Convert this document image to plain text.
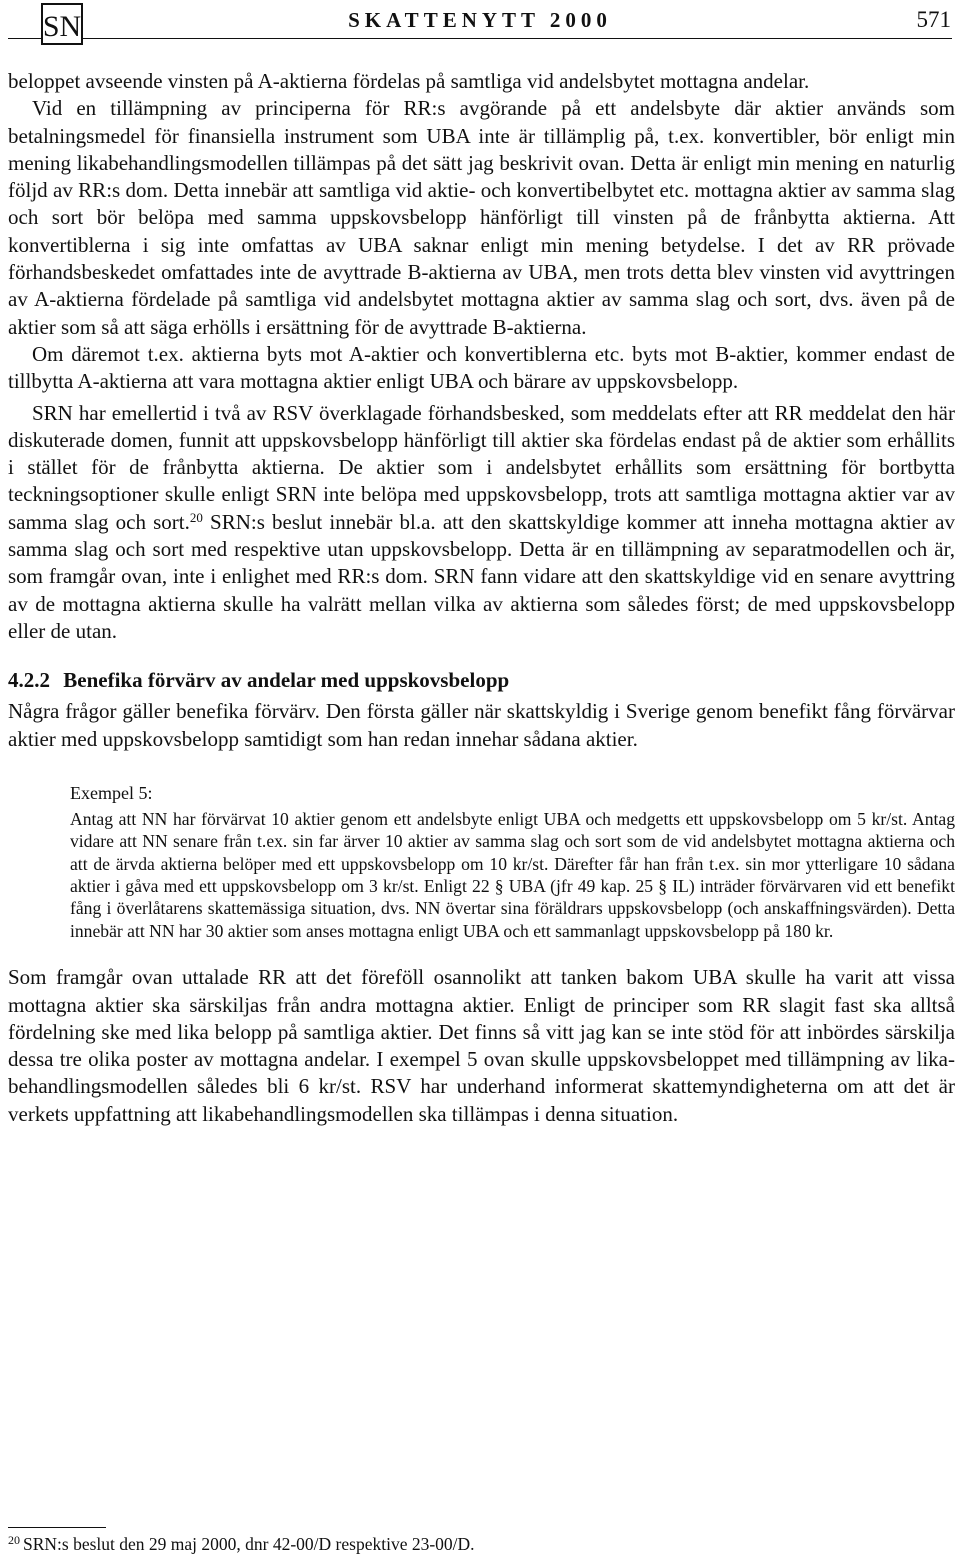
SN	SKATTENYTT 2000	571

beloppet avseende vinsten på A-aktierna fördelas på samtliga vid andelsbytet mottagna andelar.

Vid en tillämpning av principerna för RR:s avgörande på ett andelsbyte där aktier används som betalningsmedel för finansiella instrument som UBA inte är tillämplig på, t.ex. konvertibler, bör enligt min mening likabehandlingsmodellen tillämpas på det sätt jag beskrivit ovan. Detta är enligt min mening en naturlig följd av RR:s dom. Detta innebär att samtliga vid aktie- och konvertibelbytet etc. mottagna aktier av samma slag och sort bör belöpa med samma uppskovsbelopp hänförligt till vinsten på de frånbytta aktierna. Att konvertiblerna i sig inte omfattas av UBA saknar enligt min mening betydelse. I det av RR prövade förhandsbeskedet omfattades inte de avyttrade B-aktierna av UBA, men trots detta blev vinsten vid avyttringen av A-aktierna fördelade på samtliga vid andelsbytet mottagna aktier av samma slag och sort, dvs. även på de aktier som så att säga erhölls i ersättning för de avyttrade B-aktierna.

Om däremot t.ex. aktierna byts mot A-aktier och konvertiblerna etc. byts mot B-aktier, kommer endast de tillbytta A-aktierna att vara mottagna aktier enligt UBA och bärare av uppskovsbelopp.

SRN har emellertid i två av RSV överklagade förhandsbesked, som meddelats efter att RR meddelat den här diskuterade domen, funnit att uppskovsbelopp hänförligt till aktier ska fördelas endast på de aktier som erhållits i stället för de frånbytta aktierna. De aktier som i andelsbytet erhållits som ersättning för bortbytta teckningsoptioner skulle enligt SRN inte belöpa med uppskovsbelopp, trots att samtliga mottagna aktier var av samma slag och sort.$^{20}$ SRN:s beslut innebär bl.a. att den skattskyldige kommer att inneha mottagna aktier av samma slag och sort med respektive utan uppskovsbelopp. Detta är en tillämpning av separatmodellen och är, som framgår ovan, inte i enlighet med RR:s dom. SRN fann vidare att den skattskyldige vid en senare avyttring av de mottagna aktierna skulle ha valrätt mellan vilka av aktierna som således först; de med uppskovsbelopp eller de utan.

4.2.2 Benefika förvärv av andelar med uppskovsbelopp

Några frågor gäller benefika förvärv. Den första gäller när skattskyldig i Sverige genom benefikt fång förvärvar aktier med uppskovsbelopp samtidigt som han redan innehar sådana aktier.

Exempel 5:

Antag att NN har förvärvat 10 aktier genom ett andelsbyte enligt UBA och medgetts ett uppskovsbelopp om 5 kr/st. Antag vidare att NN senare från t.ex. sin far ärver 10 aktier av samma slag och sort som de vid andelsbytet mottagna aktierna och att de ärvda aktierna belöper med ett uppskovsbelopp om 10 kr/st. Därefter får han från t.ex. sin mor ytterligare 10 sådana aktier i gåva med ett uppskovsbelopp om 3 kr/st. Enligt 22 § UBA (jfr 49 kap. 25 § IL) inträder förvärvaren vid ett benefikt fång i överlåtarens skattemässiga situation, dvs. NN övertar sina föräldrars uppskovsbelopp (och anskaffningsvärden). Detta innebär att NN har 30 aktier som anses mottagna enligt UBA och ett sammanlagt uppskovsbelopp på 180 kr.

Som framgår ovan uttalade RR att det föreföll osannolikt att tanken bakom UBA skulle ha varit att vissa mottagna aktier ska särskiljas från andra mottagna aktier. Enligt de principer som RR slagit fast ska alltså fördelning ske med lika belopp på samtliga aktier. Det finns så vitt jag kan se inte stöd för att inbördes särskilja dessa tre olika poster av mottagna andelar. I exempel 5 ovan skulle uppskovsbeloppet med tillämpning av likabehandlingsmodellen således bli 6 kr/st. RSV har underhand informerat skattemyndigheterna om att det är verkets uppfattning att likabehandlingsmodellen ska tillämpas i denna situation.

$^{20}$ SRN:s beslut den 29 maj 2000, dnr 42-00/D respektive 23-00/D.
